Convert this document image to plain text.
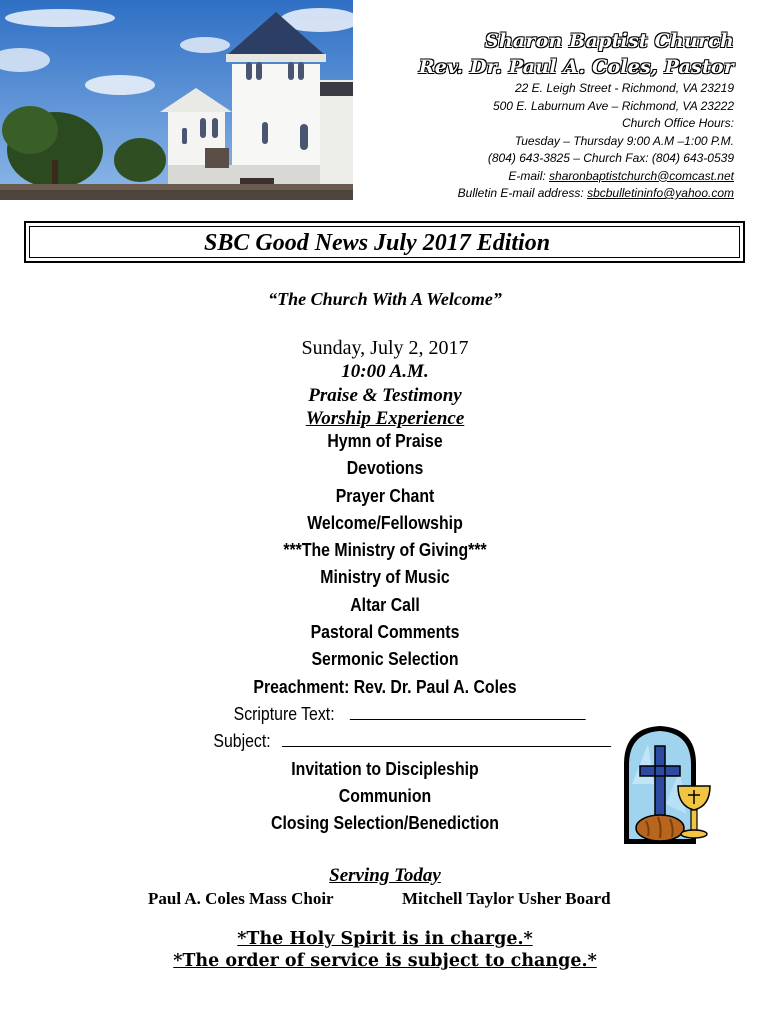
Sharon Baptist Church
Rev. Dr. Paul A. Coles, Pastor
22 E. Leigh Street - Richmond, VA 23219
500 E. Laburnum Ave – Richmond, VA 23222
Church Office Hours:
Tuesday – Thursday 9:00 A.M –1:00 P.M.
(804) 643-3825 – Church Fax: (804) 643-0539
E-mail: sharonbaptistchurch@comcast.net
Bulletin E-mail address: sbcbulletininfo@yahoo.com
SBC Good News July 2017 Edition
“The Church With A Welcome”
Sunday, July 2, 2017
10:00 A.M.
Praise & Testimony
Worship Experience
Hymn of Praise
Devotions
Prayer Chant
Welcome/Fellowship
***The Ministry of Giving***
Ministry of Music
Altar Call
Pastoral Comments
Sermonic Selection
Preachment: Rev. Dr. Paul A. Coles
Scripture Text:
Subject:
Invitation to Discipleship
Communion
Closing Selection/Benediction
Serving Today
Paul A. Coles Mass Choir	Mitchell Taylor Usher Board
*The Holy Spirit is in charge.*
*The order of service is subject to change.*
